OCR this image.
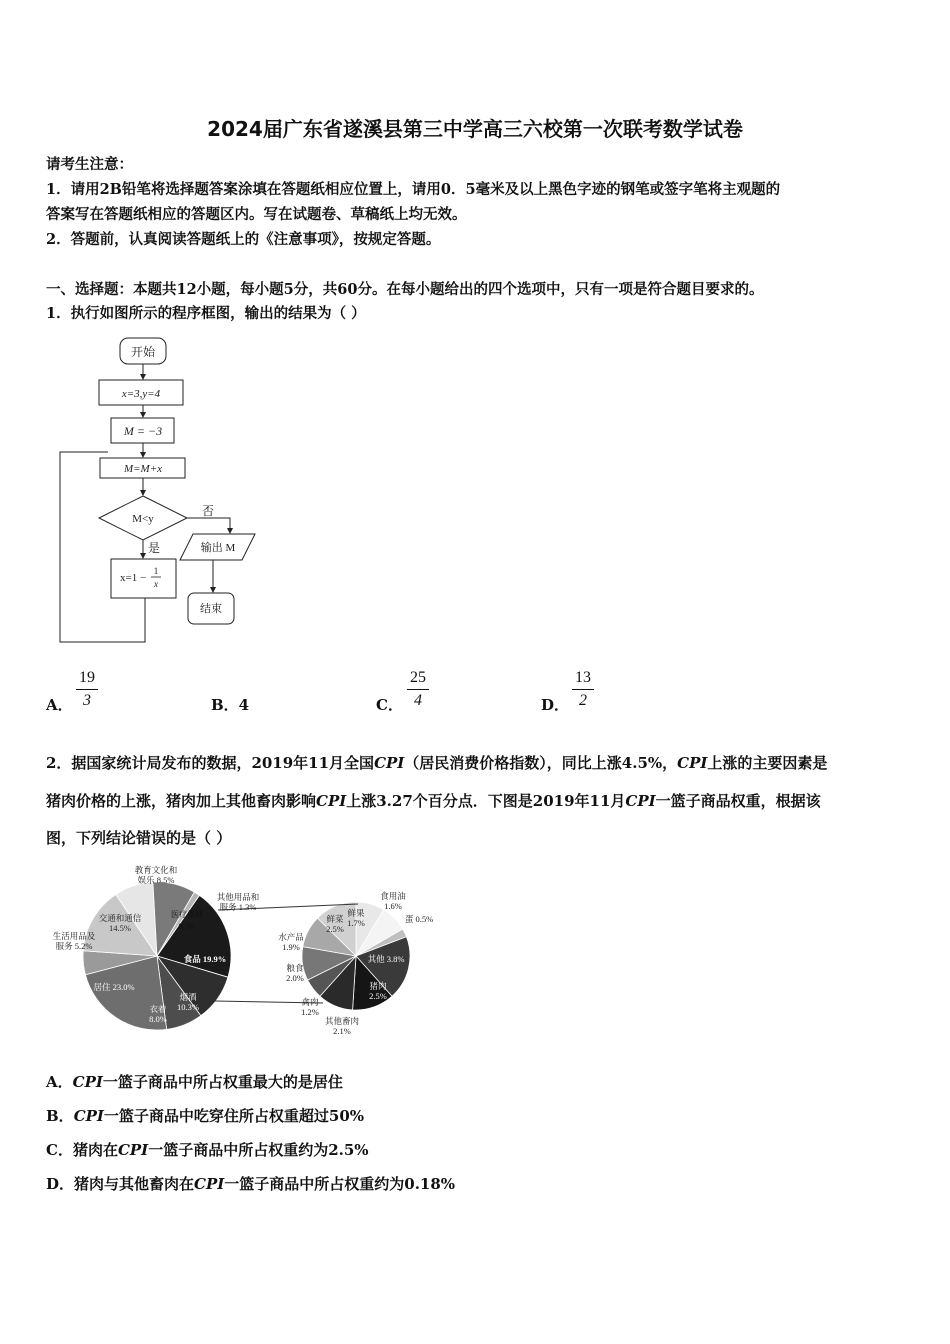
2024届广东省遂溪县第三中学高三六校第一次联考数学试卷
请考生注意：
1．请用2B铅笔将选择题答案涂填在答题纸相应位置上，请用0．5毫米及以上黑色字迹的钢笔或签字笔将主观题的
答案写在答题纸相应的答题区内。写在试题卷、草稿纸上均无效。
2．答题前，认真阅读答题纸上的《注意事项》，按规定答题。
一、选择题：本题共12小题，每小题5分，共60分。在每小题给出的四个选项中，只有一项是符合题目要求的。
1．执行如图所示的程序框图，输出的结果为（ ）
开始
x=3,y=4
M = −3
M=M+x
M<y
否
是
x=1 −
1
x
输出 M
结束
A． $\frac{19}{3}$	B．4	C． $\frac{25}{4}$	D． $\frac{13}{2}$
2．据国家统计局发布的数据，2019年11月全国CPI（居民消费价格指数），同比上涨4.5%，CPI上涨的主要因素是
猪肉价格的上涨，猪肉加上其他畜肉影响CPI上涨3.27个百分点．下图是2019年11月CPI一篮子商品权重，根据该
图，下列结论错误的是（ ）
教育文化和
娱乐 8.5%
其他用品和
服务 1.3%
交通和通信
14.5%
生活用品及
服务 5.2%
医疗保健
9.3%
食品 19.9%
烟酒
10.3%
衣着
8.0%
居住 23.0%
食用油
1.6%
蛋 0.5%
鲜果
1.7%
鲜菜
2.5%
水产品
1.9%
其他 3.8%
猪肉
2.5%
粮食
2.0%
禽肉
1.2%
其他畜肉
2.1%
A．CPI一篮子商品中所占权重最大的是居住
B．CPI一篮子商品中吃穿住所占权重超过50%
C．猪肉在CPI一篮子商品中所占权重约为2.5%
D．猪肉与其他畜肉在CPI一篮子商品中所占权重约为0.18%
